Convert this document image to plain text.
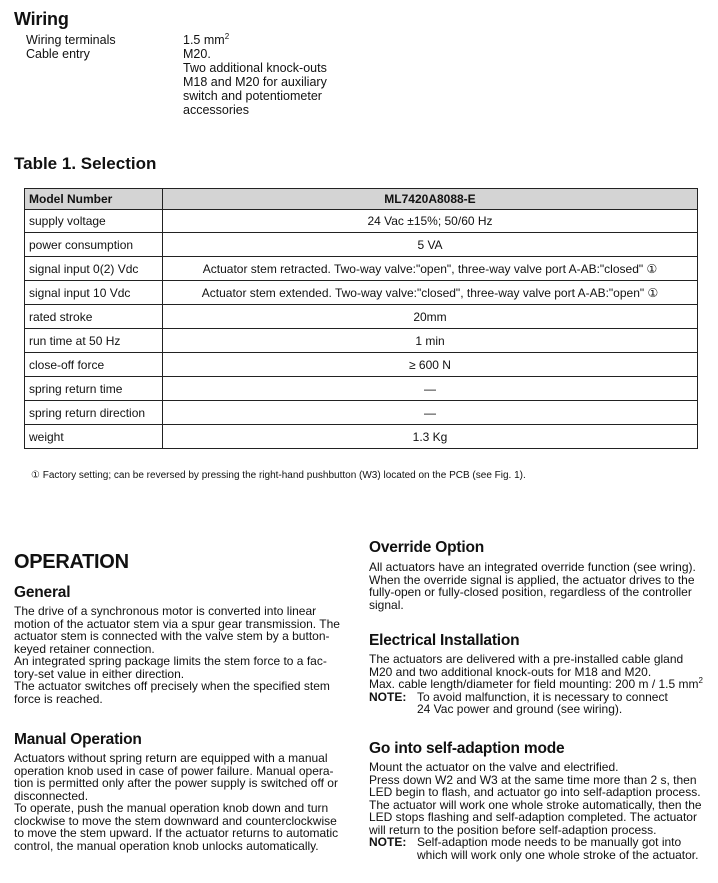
Wiring
Wiring terminals	1.5 $mm^2$
Cable entry	M20.
Two additional knock-outs
M18 and M20 for auxiliary
switch and potentiometer
accessories
Table 1. Selection
Model Number	ML7420A8088-E
supply voltage	24 Vac ±15%; 50/60 Hz
power consumption	5 VA
signal input 0(2) Vdc	Actuator stem retracted. Two-way valve:"open", three-way valve port A-AB:"closed" ①
signal input 10 Vdc	Actuator stem extended. Two-way valve:"closed", three-way valve port A-AB:"open" ①
rated stroke	20mm
run time at 50 Hz	1 min
close-off force	≥ 600 N
spring return time	—
spring return direction	—
weight	1.3 Kg
① Factory setting; can be reversed by pressing the right-hand pushbutton (W3) located on the PCB (see Fig. 1).
OPERATION
General
The drive of a synchronous motor is converted into linear
motion of the actuator stem via a spur gear transmission. The
actuator stem is connected with the valve stem by a button-
keyed retainer connection.
An integrated spring package limits the stem force to a fac-
tory-set value in either direction.
The actuator switches off precisely when the specified stem
force is reached.
Manual Operation
Actuators without spring return are equipped with a manual
operation knob used in case of power failure. Manual opera-
tion is permitted only after the power supply is switched off or
disconnected.
To operate, push the manual operation knob down and turn
clockwise to move the stem downward and counterclockwise
to move the stem upward. If the actuator returns to automatic
control, the manual operation knob unlocks automatically.
Override Option
All actuators have an integrated override function (see wring).
When the override signal is applied, the actuator drives to the
fully-open or fully-closed position, regardless of the controller
signal.
Electrical Installation
The actuators are delivered with a pre-installed cable gland
M20 and two additional knock-outs for M18 and M20.
Max. cable length/diameter for field mounting: 200 m / 1.5 $mm^2$
NOTE: To avoid malfunction, it is necessary to connect
24 Vac power and ground (see wiring).
Go into self-adaption mode
Mount the actuator on the valve and electrified.
Press down W2 and W3 at the same time more than 2 s, then
LED begin to flash, and actuator go into self-adaption process.
The actuator will work one whole stroke automatically, then the
LED stops flashing and self-adaption completed. The actuator
will return to the position before self-adaption process.
NOTE: Self-adaption mode needs to be manually got into
which will work only one whole stroke of the actuator.
